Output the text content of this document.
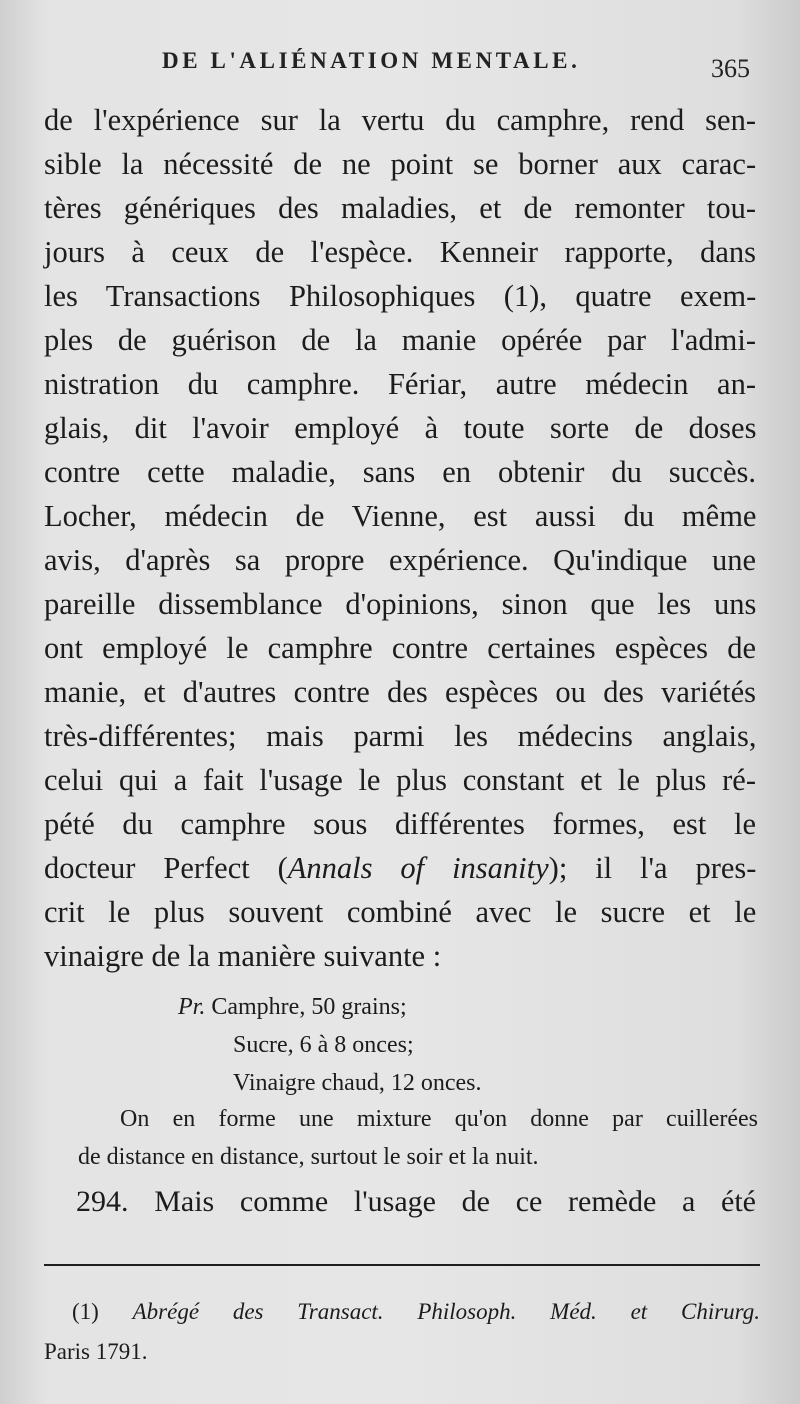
DE L'ALIÉNATION MENTALE.	365
de l'expérience sur la vertu du camphre, rend sen-
sible la nécessité de ne point se borner aux carac-
tères génériques des maladies, et de remonter tou-
jours à ceux de l'espèce. Kenneir rapporte, dans
les Transactions Philosophiques (1), quatre exem-
ples de guérison de la manie opérée par l'admi-
nistration du camphre. Fériar, autre médecin an-
glais, dit l'avoir employé à toute sorte de doses
contre cette maladie, sans en obtenir du succès.
Locher, médecin de Vienne, est aussi du même
avis, d'après sa propre expérience. Qu'indique une
pareille dissemblance d'opinions, sinon que les uns
ont employé le camphre contre certaines espèces de
manie, et d'autres contre des espèces ou des variétés
très-différentes; mais parmi les médecins anglais,
celui qui a fait l'usage le plus constant et le plus ré-
pété du camphre sous différentes formes, est le
docteur Perfect (Annals of insanity); il l'a pres-
crit le plus souvent combiné avec le sucre et le
vinaigre de la manière suivante :
Pr. Camphre, 50 grains;
Sucre, 6 à 8 onces;
Vinaigre chaud, 12 onces.
On en forme une mixture qu'on donne par cuillerées
de distance en distance, surtout le soir et la nuit.
294. Mais comme l'usage de ce remède a été
(1) Abrégé des Transact. Philosoph. Méd. et Chirurg.
Paris 1791.
